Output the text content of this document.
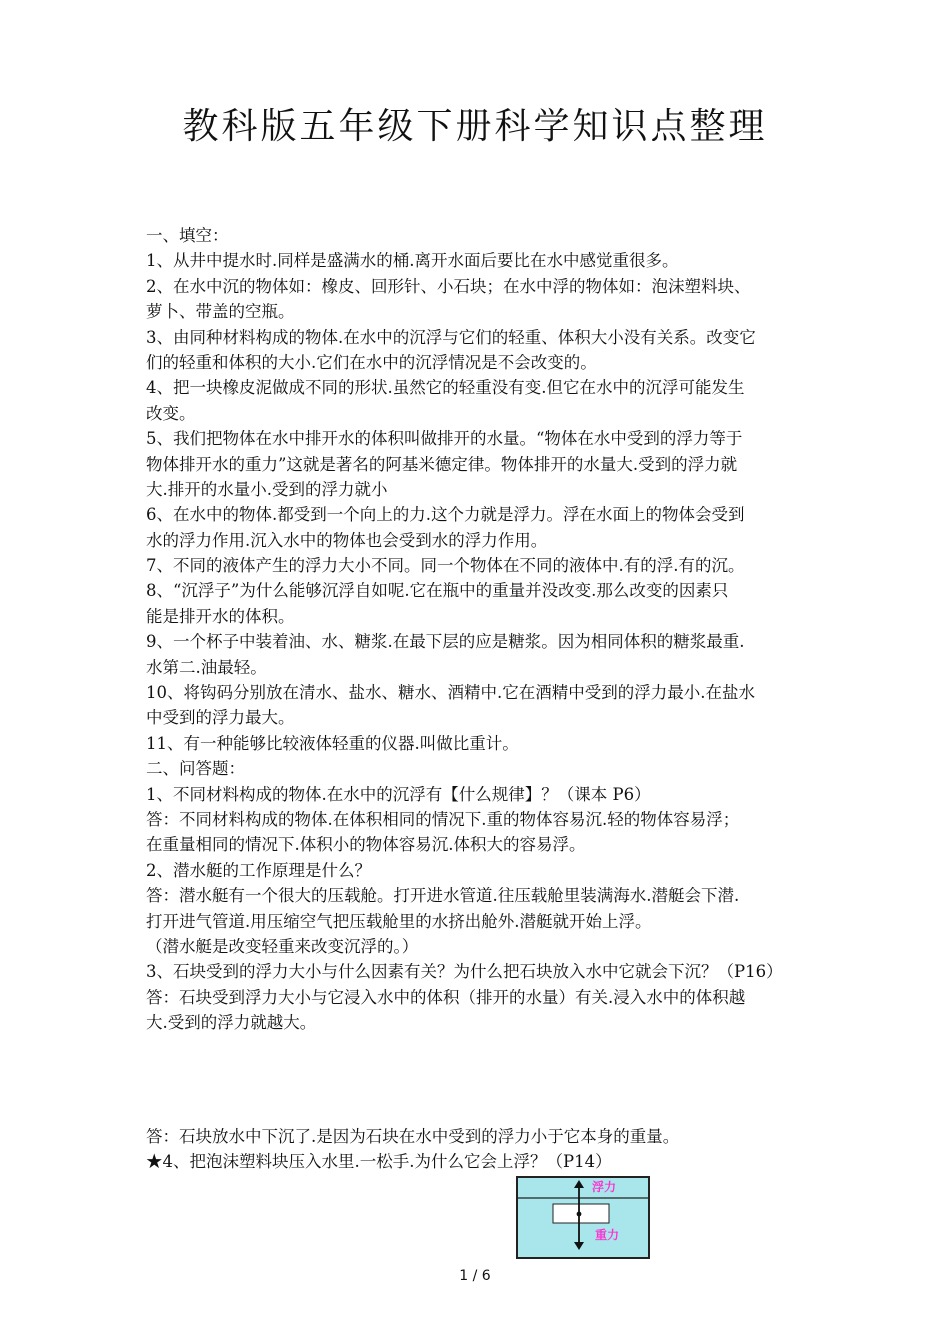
教科版五年级下册科学知识点整理
一、填空：
1、从井中提水时.同样是盛满水的桶.离开水面后要比在水中感觉重很多。
2、在水中沉的物体如：橡皮、回形针、小石块；在水中浮的物体如：泡沫塑料块、
萝卜、带盖的空瓶。
3、由同种材料构成的物体.在水中的沉浮与它们的轻重、体积大小没有关系。改变它
们的轻重和体积的大小.它们在水中的沉浮情况是不会改变的。
4、把一块橡皮泥做成不同的形状.虽然它的轻重没有变.但它在水中的沉浮可能发生
改变。
5、我们把物体在水中排开水的体积叫做排开的水量。“物体在水中受到的浮力等于
物体排开水的重力”这就是著名的阿基米德定律。物体排开的水量大.受到的浮力就
大.排开的水量小.受到的浮力就小
6、在水中的物体.都受到一个向上的力.这个力就是浮力。浮在水面上的物体会受到
水的浮力作用.沉入水中的物体也会受到水的浮力作用。
7、不同的液体产生的浮力大小不同。同一个物体在不同的液体中.有的浮.有的沉。
8、“沉浮子”为什么能够沉浮自如呢.它在瓶中的重量并没改变.那么改变的因素只
能是排开水的体积。
9、一个杯子中装着油、水、糖浆.在最下层的应是糖浆。因为相同体积的糖浆最重.
水第二.油最轻。
10、将钩码分别放在清水、盐水、糖水、酒精中.它在酒精中受到的浮力最小.在盐水
中受到的浮力最大。
11、有一种能够比较液体轻重的仪器.叫做比重计。
二、问答题：
1、不同材料构成的物体.在水中的沉浮有【什么规律】？（课本 P6）
答：不同材料构成的物体.在体积相同的情况下.重的物体容易沉.轻的物体容易浮；
在重量相同的情况下.体积小的物体容易沉.体积大的容易浮。
2、潜水艇的工作原理是什么？
答：潜水艇有一个很大的压载舱。打开进水管道.往压载舱里装满海水.潜艇会下潜.
打开进气管道.用压缩空气把压载舱里的水挤出舱外.潜艇就开始上浮。
（潜水艇是改变轻重来改变沉浮的。）
3、石块受到的浮力大小与什么因素有关？为什么把石块放入水中它就会下沉？（P16）
答：石块受到浮力大小与它浸入水中的体积（排开的水量）有关.浸入水中的体积越
大.受到的浮力就越大。
答：石块放水中下沉了.是因为石块在水中受到的浮力小于它本身的重量。
★4、把泡沫塑料块压入水里.一松手.为什么它会上浮？（P14）
浮力
重力
1 / 6
